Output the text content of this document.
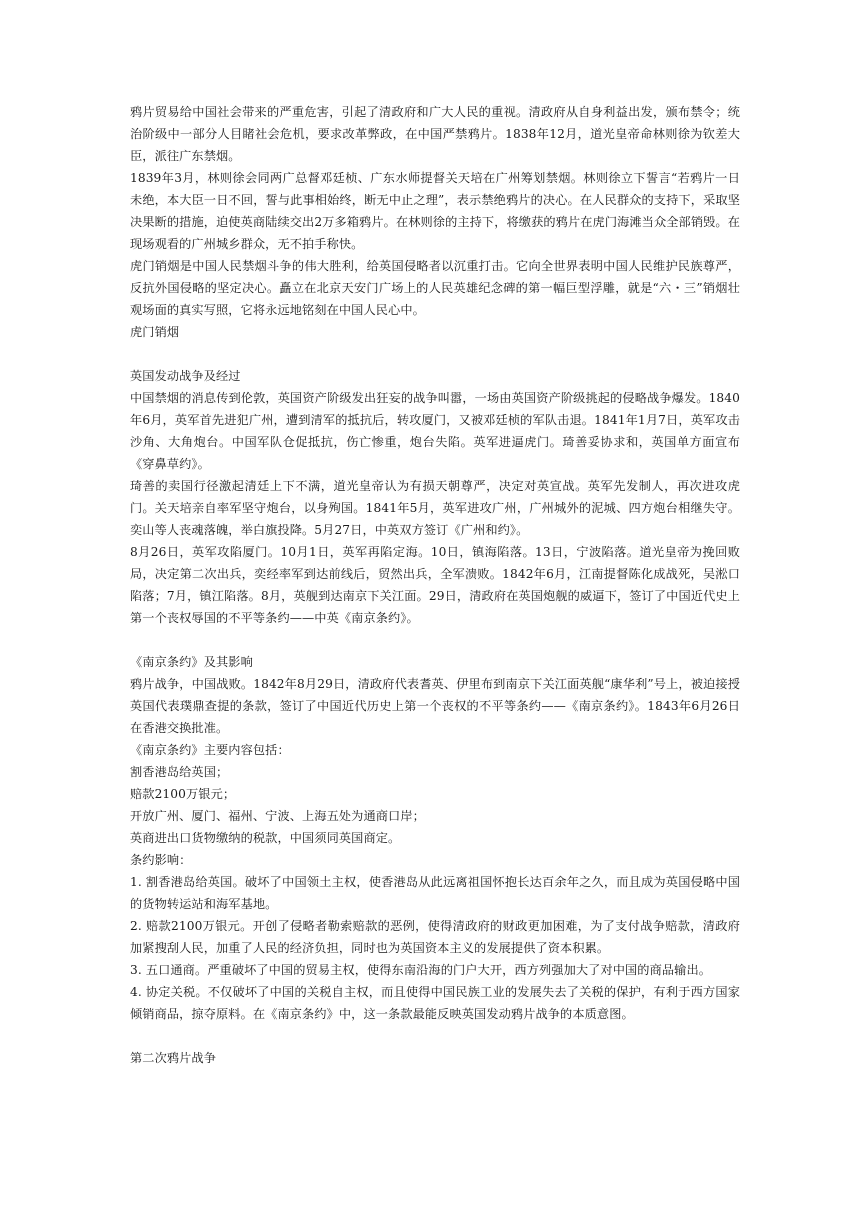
鸦片贸易给中国社会带来的严重危害，引起了清政府和广大人民的重视。清政府从自身利益出发，颁布禁令；统治阶级中一部分人目睹社会危机，要求改革弊政，在中国严禁鸦片。1838年12月，道光皇帝命林则徐为钦差大臣，派往广东禁烟。

1839年3月，林则徐会同两广总督邓廷桢、广东水师提督关天培在广州筹划禁烟。林则徐立下誓言“若鸦片一日未绝，本大臣一日不回，誓与此事相始终，断无中止之理”，表示禁绝鸦片的决心。在人民群众的支持下，采取坚决果断的措施，迫使英商陆续交出2万多箱鸦片。在林则徐的主持下，将缴获的鸦片在虎门海滩当众全部销毁。在现场观看的广州城乡群众，无不拍手称快。

虎门销烟是中国人民禁烟斗争的伟大胜利，给英国侵略者以沉重打击。它向全世界表明中国人民维护民族尊严，反抗外国侵略的坚定决心。矗立在北京天安门广场上的人民英雄纪念碑的第一幅巨型浮雕，就是“六・三”销烟壮观场面的真实写照，它将永远地铭刻在中国人民心中。

虎门销烟

英国发动战争及经过

中国禁烟的消息传到伦敦，英国资产阶级发出狂妄的战争叫嚣，一场由英国资产阶级挑起的侵略战争爆发。1840年6月，英军首先进犯广州，遭到清军的抵抗后，转攻厦门，又被邓廷桢的军队击退。1841年1月7日，英军攻击沙角、大角炮台。中国军队仓促抵抗，伤亡惨重，炮台失陷。英军进逼虎门。琦善妥协求和，英国单方面宣布《穿鼻草约》。

琦善的卖国行径激起清廷上下不满，道光皇帝认为有损天朝尊严，决定对英宣战。英军先发制人，再次进攻虎门。关天培亲自率军坚守炮台，以身殉国。1841年5月，英军进攻广州，广州城外的泥城、四方炮台相继失守。奕山等人丧魂落魄，举白旗投降。5月27日，中英双方签订《广州和约》。

8月26日，英军攻陷厦门。10月1日，英军再陷定海。10日，镇海陷落。13日，宁波陷落。道光皇帝为挽回败局，决定第二次出兵，奕经率军到达前线后，贸然出兵，全军溃败。1842年6月，江南提督陈化成战死，吴淞口陷落；7月，镇江陷落。8月，英舰到达南京下关江面。29日，清政府在英国炮舰的威逼下，签订了中国近代史上第一个丧权辱国的不平等条约——中英《南京条约》。

《南京条约》及其影响

鸦片战争，中国战败。1842年8月29日，清政府代表耆英、伊里布到南京下关江面英舰“康华利”号上，被迫接授英国代表璞鼎查提的条款，签订了中国近代历史上第一个丧权的不平等条约——《南京条约》。1843年6月26日在香港交换批准。

《南京条约》主要内容包括：

割香港岛给英国；

赔款2100万银元；

开放广州、厦门、福州、宁波、上海五处为通商口岸；

英商进出口货物缴纳的税款，中国须同英国商定。

条约影响：

1. 割香港岛给英国。破坏了中国领土主权，使香港岛从此远离祖国怀抱长达百余年之久，而且成为英国侵略中国的货物转运站和海军基地。

2. 赔款2100万银元。开创了侵略者勒索赔款的恶例，使得清政府的财政更加困难，为了支付战争赔款，清政府加紧搜刮人民，加重了人民的经济负担，同时也为英国资本主义的发展提供了资本积累。

3. 五口通商。严重破坏了中国的贸易主权，使得东南沿海的门户大开，西方列强加大了对中国的商品输出。

4. 协定关税。不仅破坏了中国的关税自主权，而且使得中国民族工业的发展失去了关税的保护，有利于西方国家倾销商品，掠夺原料。在《南京条约》中，这一条款最能反映英国发动鸦片战争的本质意图。

第二次鸦片战争
